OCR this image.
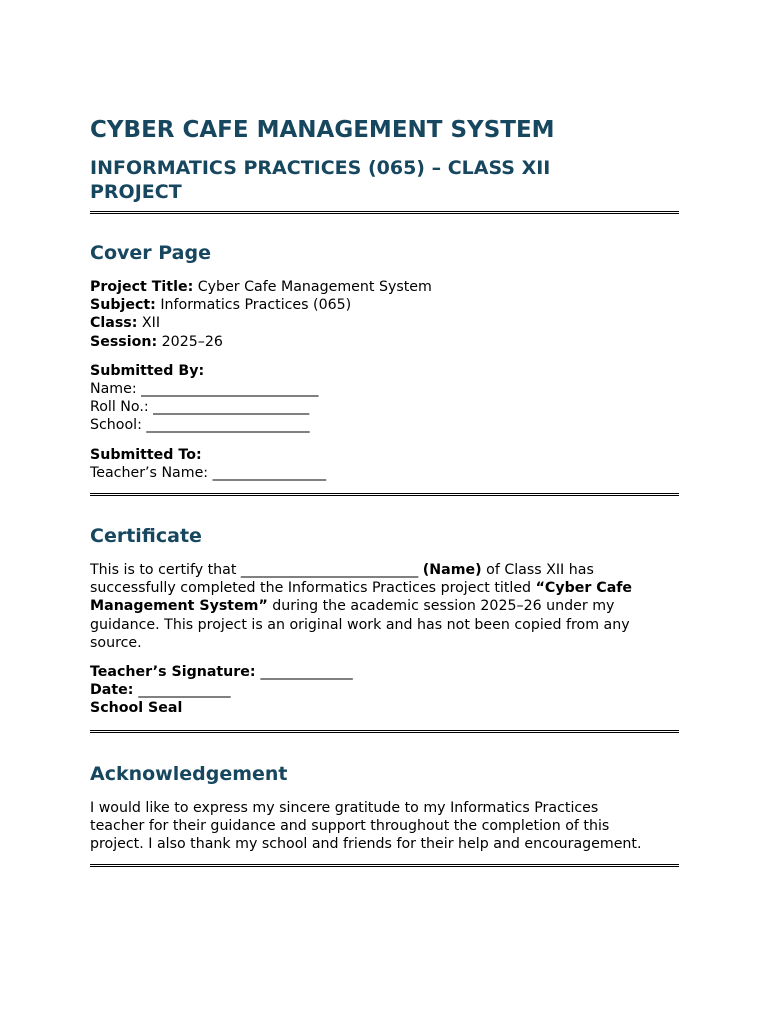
CYBER CAFE MANAGEMENT SYSTEM
INFORMATICS PRACTICES (065) – CLASS XII
PROJECT
Cover Page
Project Title: Cyber Cafe Management System
Subject: Informatics Practices (065)
Class: XII
Session: 2025–26
Submitted By:
Name: _________________________
Roll No.: ______________________
School: _______________________
Submitted To:
Teacher’s Name: ________________
Certificate
This is to certify that _________________________ (Name) of Class XII has
successfully completed the Informatics Practices project titled “Cyber Cafe
Management System” during the academic session 2025–26 under my
guidance. This project is an original work and has not been copied from any
source.
Teacher’s Signature: _____________
Date: _____________
School Seal
Acknowledgement
I would like to express my sincere gratitude to my Informatics Practices
teacher for their guidance and support throughout the completion of this
project. I also thank my school and friends for their help and encouragement.
